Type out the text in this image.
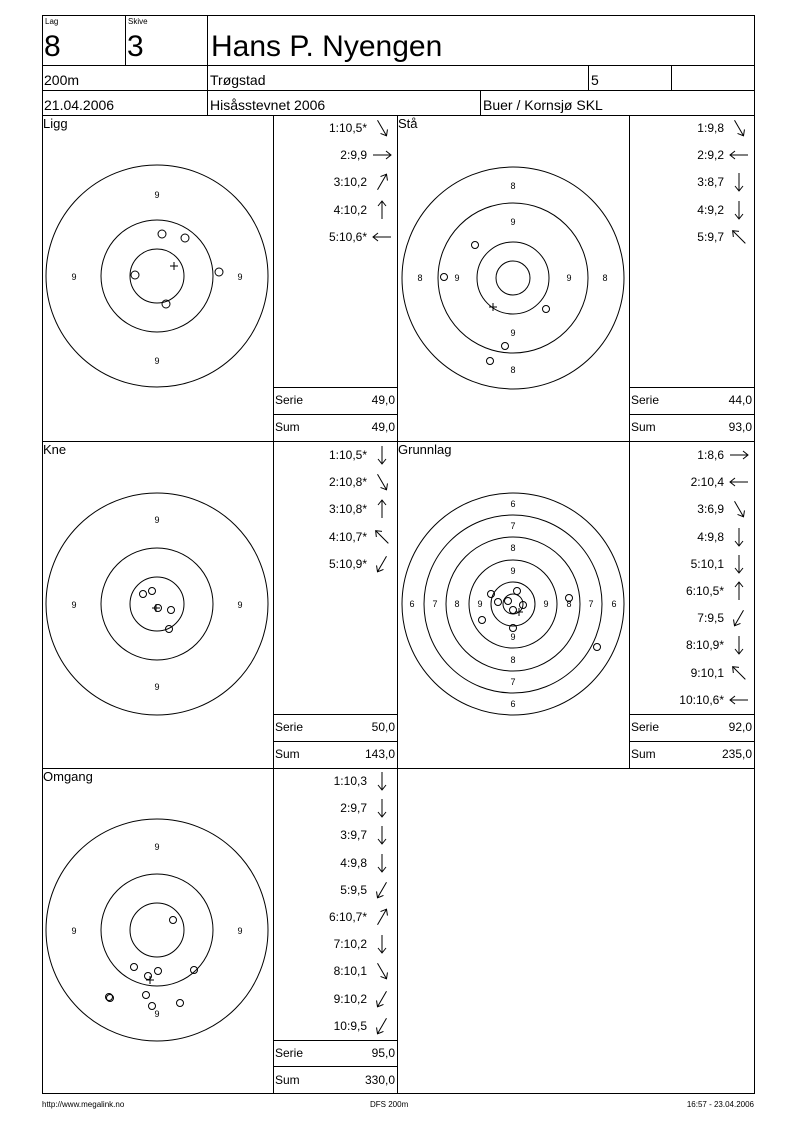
Lag
8
Skive
3 Hans P. Nyengen
200m	Trøgstad	5
21.04.2006	Hisåsstevnet 2006	Buer / Kornsjø SKL
Ligg
9
9
9	9
Stå
8
9
9
8
8	9	9	8
Kne
9
9
9	9
Grunnlag
6
7
8
9
9
8
7
6
6 7 8 9	9 8 7 6
Omgang
9
9
9	9
1:10,5*
2:9,9
3:10,2
4:10,2
5:10,6*
Serie	49,0
Sum	49,0
1:9,8
2:9,2
3:8,7
4:9,2
5:9,7
Serie	44,0
Sum	93,0
1:10,5*
2:10,8*
3:10,8*
4:10,7*
5:10,9*
Serie	50,0
Sum	143,0
1:8,6
2:10,4
3:6,9
4:9,8
5:10,1
6:10,5*
7:9,5
8:10,9*
9:10,1
10:10,6*
Serie	92,0
Sum	235,0
1:10,3
2:9,7
3:9,7
4:9,8
5:9,5
6:10,7*
7:10,2
8:10,1
9:10,2
10:9,5
Serie	95,0
Sum	330,0
http://www.megalink.no	DFS 200m	16:57 - 23.04.2006
